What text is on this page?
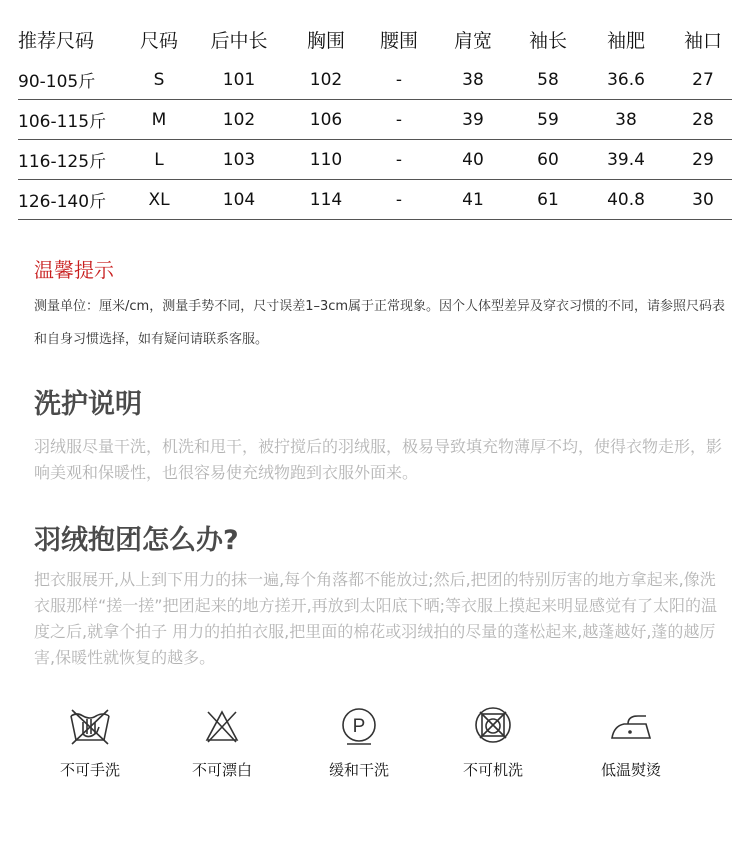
推荐尺码	尺码	后中长	胸围	腰围	肩宽	袖长	袖肥	袖口
90-105斤	S	101	102	-	38	58	36.6	27
106-115斤	M	102	106	-	39	59	38	28
116-125斤	L	103	110	-	40	60	39.4	29
126-140斤	XL	104	114	-	41	61	40.8	30
温馨提示
测量单位：厘米/cm，测量手势不同，尺寸误差1–3cm属于正常现象。因个人体型差异及穿衣习惯的不同，请参照尺码表和自身习惯选择，如有疑问请联系客服。
洗护说明
羽绒服尽量干洗，机洗和甩干，被拧搅后的羽绒服，极易导致填充物薄厚不均，使得衣物走形，影响美观和保暖性，也很容易使充绒物跑到衣服外面来。
羽绒抱团怎么办?
把衣服展开,从上到下用力的抹一遍,每个角落都不能放过;然后,把团的特别厉害的地方拿起来,像洗衣服那样“搓一搓”把团起来的地方搓开,再放到太阳底下晒;等衣服上摸起来明显感觉有了太阳的温度之后,就拿个拍子 用力的拍拍衣服,把里面的棉花或羽绒拍的尽量的蓬松起来,越蓬越好,蓬的越厉害,保暖性就恢复的越多。
不可手洗	不可漂白
P
缓和干洗	不可机洗	低温熨烫
